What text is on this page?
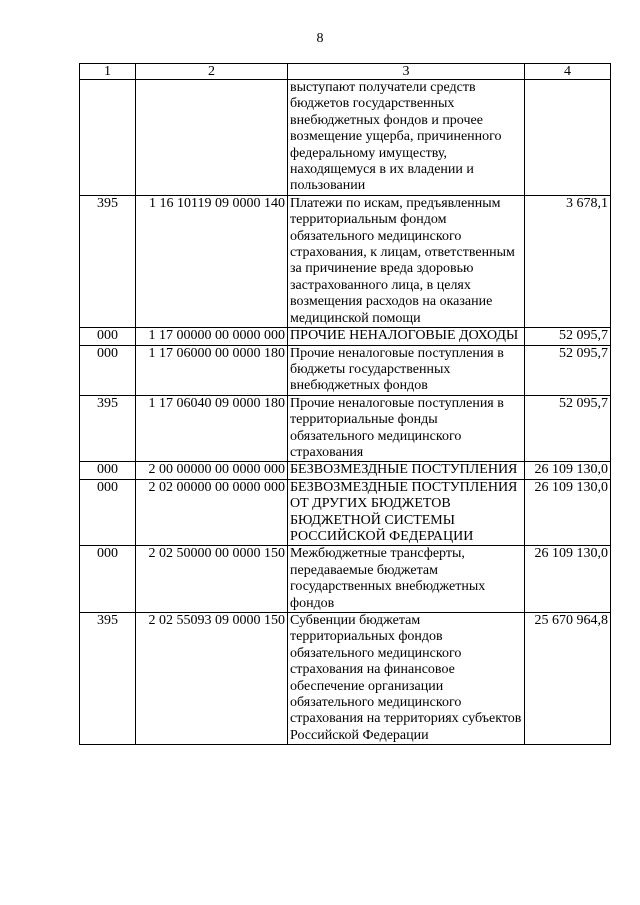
8
1	2	3	4
		выступают получатели средств бюджетов государственных внебюджетных фондов и прочее возмещение ущерба, причиненного федеральному имуществу, находящемуся в их владении и пользовании	
395	1 16 10119 09 0000 140	Платежи по искам, предъявленным территориальным фондом обязательного медицинского страхования, к лицам, ответственным за причинение вреда здоровью застрахованного лица, в целях возмещения расходов на оказание медицинской помощи	3 678,1
000	1 17 00000 00 0000 000	ПРОЧИЕ НЕНАЛОГОВЫЕ ДОХОДЫ	52 095,7
000	1 17 06000 00 0000 180	Прочие неналоговые поступления в бюджеты государственных внебюджетных фондов	52 095,7
395	1 17 06040 09 0000 180	Прочие неналоговые поступления в территориальные фонды обязательного медицинского страхования	52 095,7
000	2 00 00000 00 0000 000	БЕЗВОЗМЕЗДНЫЕ ПОСТУПЛЕНИЯ	26 109 130,0
000	2 02 00000 00 0000 000	БЕЗВОЗМЕЗДНЫЕ ПОСТУПЛЕНИЯ ОТ ДРУГИХ БЮДЖЕТОВ БЮДЖЕТНОЙ СИСТЕМЫ РОССИЙСКОЙ ФЕДЕРАЦИИ	26 109 130,0
000	2 02 50000 00 0000 150	Межбюджетные трансферты, передаваемые бюджетам государственных внебюджетных фондов	26 109 130,0
395	2 02 55093 09 0000 150	Субвенции бюджетам территориальных фондов обязательного медицинского страхования на финансовое обеспечение организации обязательного медицинского страхования на территориях субъектов Российской Федерации	25 670 964,8
